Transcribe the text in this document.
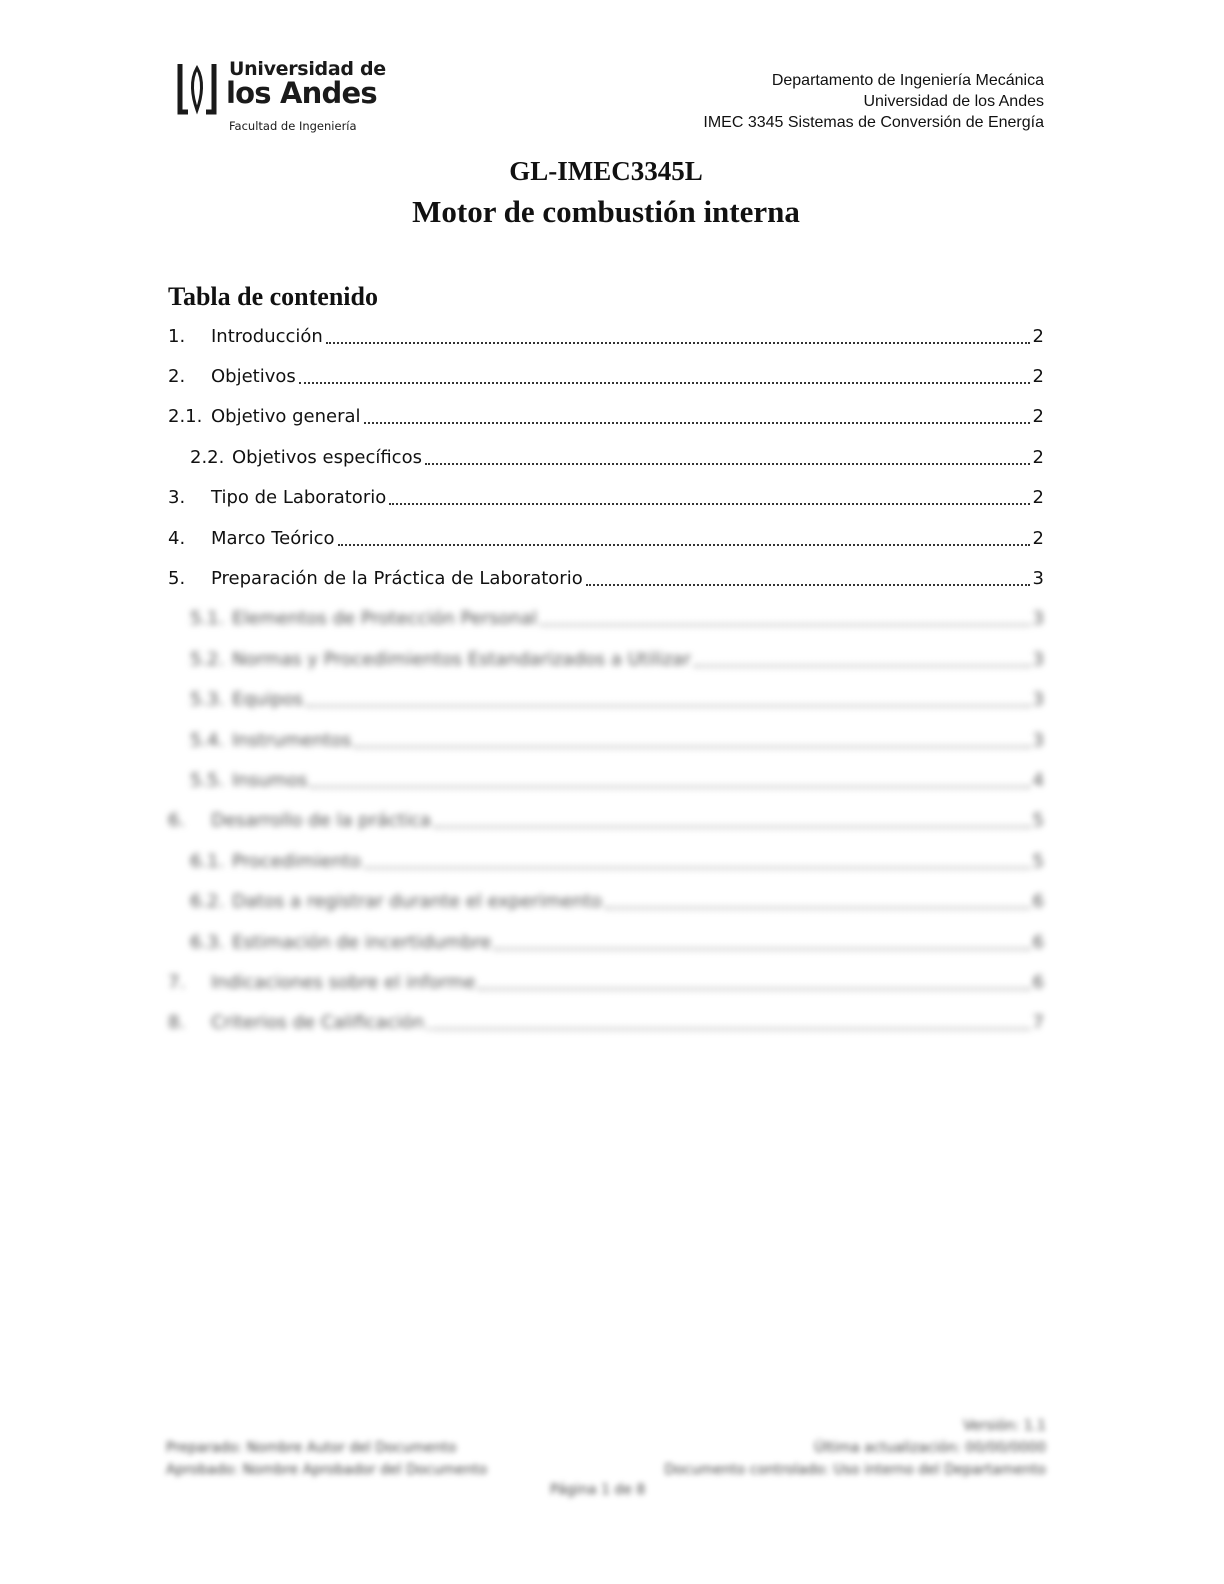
Universidad de
los Andes
Facultad de Ingeniería
Departamento de Ingeniería Mecánica
Universidad de los Andes
IMEC 3345 Sistemas de Conversión de Energía
GL-IMEC3345L
Motor de combustión interna
Tabla de contenido
1.	Introducción	2
2.	Objetivos	2
2.1. Objetivo general	2
2.2. Objetivos específicos	2
3.	Tipo de Laboratorio	2
4.	Marco Teórico	2
5.	Preparación de la Práctica de Laboratorio	3
5.1. Elementos de Protección Personal	3
5.2. Normas y Procedimientos Estandarizados a Utilizar	3
5.3. Equipos	3
5.4. Instrumentos	3
5.5. Insumos	4
6.	Desarrollo de la práctica	5
6.1. Procedimiento	5
6.2. Datos a registrar durante el experimento	6
6.3. Estimación de incertidumbre	6
7.	Indicaciones sobre el informe	6
8.	Criterios de Calificación	7
Versión: 1.1
Preparado: Nombre Autor del Documento	Última actualización: 00/00/0000
Aprobado: Nombre Aprobador del Documento	Documento controlado: Uso interno del Departamento
Página 1 de 8
